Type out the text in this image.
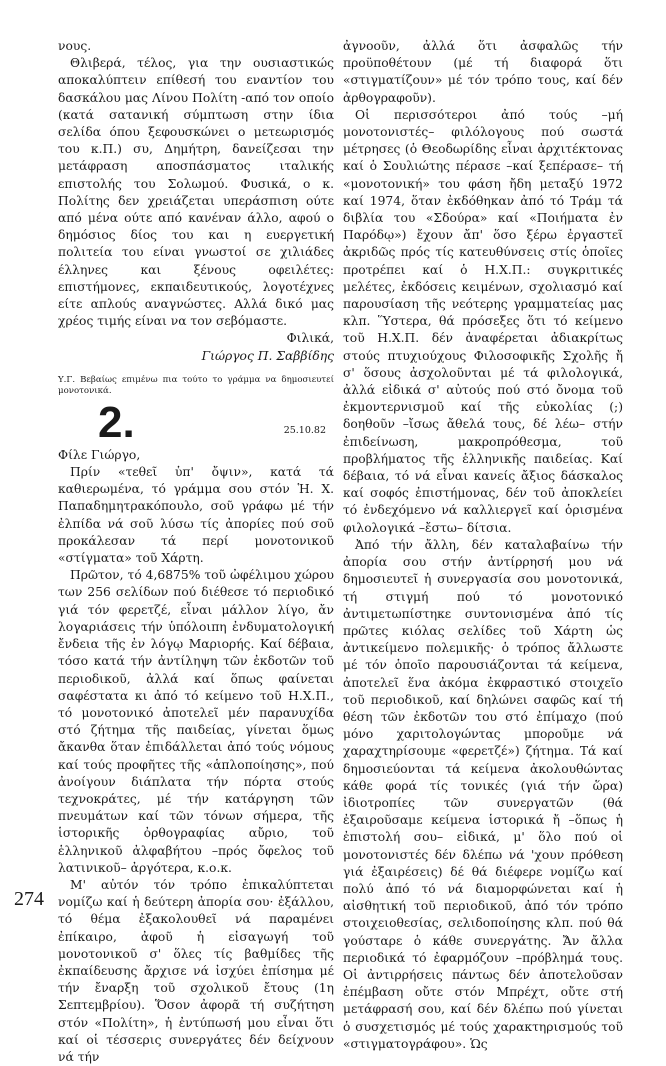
νους.

Θλιβερά, τέλος, για την ουσιαστικώς αποκαλύπτειν επίθεσή του εναντίον του δασκάλου μας Λίνου Πολίτη -από τον οποίο (κατά σατανική σύμπτωση στην ίδια σελίδα όπου ξεφουσκώνει ο μετεωρισμός του κ.Π.) συ, Δημήτρη, δανείζεσαι την μετάφραση αποσπάσματος ιταλικής επιστολής του Σολωμού. Φυσικά, ο κ. Πολίτης δεν χρειάζεται υπεράσπιση ούτε από μένα ούτε από κανέναν άλλο, αφού ο δημόσιος δίος του και η ευεργετική πολιτεία του είναι γνωστοί σε χιλιάδες έλληνες και ξένους οφειλέτες: επιστήμονες, εκπαιδευτικούς, λογοτέχνες είτε απλούς αναγνώστες. Αλλά δικό μας χρέος τιμής είναι να τον σεβόμαστε.

Φιλικά,

Γιώργος Π. Σαββίδης

Υ.Γ. Βεβαίως επιμένω πια τούτο το γράμμα να δημοσιευτεί μονοτονικά.

2.	25.10.82

Φίλε Γιώργο,

Πρίν «τεθεῖ ὑπ' ὄψιν», κατά τά καθιερωμένα, τό γράμμα σου στόν Ἡ. Χ. Παπαδημητρακόπουλο, σοῦ γράφω μέ τήν ἐλπίδα νά σοῦ λύσω τίς ἀπορίες πού σοῦ προκάλεσαν τά περί μονοτονικοῦ «στίγματα» τοῦ Χάρτη.

Πρῶτον, τό 4,6875% τοῦ ὠφέλιμου χώρου των 256 σελίδων πού διέθεσε τό περιοδικό γιά τόν φερετζέ, εἶναι μάλλον λίγο, ἄν λογαριάσεις τήν ὑπόλοιπη ἐνδυματολογική ἔνδεια τῆς ἐν λόγῳ Μαριορής. Καί δέβαια, τόσο κατά τήν ἀντίληψη τῶν ἐκδοτῶν τοῦ περιοδικοῦ, ἀλλά καί ὅπως φαίνεται σαφέστατα κι ἀπό τό κείμενο τοῦ Η.Χ.Π., τό μονοτονικό ἀποτελεῖ μέν παρανυχίδα στό ζήτημα τῆς παιδείας, γίνεται ὅμως ἄκανθα ὅταν ἐπιδάλλεται ἀπό τούς νόμους καί τούς προφῆτες τῆς «ἁπλοποίησης», πού ἀνοίγουν διάπλατα τήν πόρτα στούς τεχνοκράτες, μέ τήν κατάργηση τῶν πνευμάτων καί τῶν τόνων σήμερα, τῆς ἱστορικῆς ὀρθογραφίας αὔριο, τοῦ ἑλληνικοῦ ἀλφαβήτου –πρός ὄφελος τοῦ λατινικοῦ– ἀργότερα, κ.ο.κ.

Μ' αὐτόν τόν τρόπο ἐπικαλύπτεται νομίζω καί ἡ δεύτερη ἀπορία σου· ἐξάλλου, τό θέμα ἐξακολουθεῖ νά παραμένει ἐπίκαιρο, ἀφοῦ ἡ εἰσαγωγή τοῦ μονοτονικοῦ σ' ὅλες τίς βαθμίδες τῆς ἐκπαίδευσης ἄρχισε νά ἰσχύει ἐπίσημα μέ τήν ἔναρξη τοῦ σχολικοῦ ἔτους (1η Σεπτεμβρίου). Ὅσον ἀφορᾶ τή συζήτηση στόν «Πολίτη», ἡ ἐντύπωσή μου εἶναι ὅτι καί οἱ τέσσερις συνεργάτες δέν δείχνουν νά τήν

ἀγνοοῦν, ἀλλά ὅτι ἀσφαλῶς τήν προϋποθέτουν (μέ τή διαφορά ὅτι «στιγματίζουν» μέ τόν τρόπο τους, καί δέν ἀρθογραφοῦν).

Οἱ περισσότεροι ἀπό τούς –μή μονοτονιστές– φιλόλογους πού σωστά μέτρησες (ὁ Θεοδωρίδης εἶναι ἀρχιτέκτονας καί ὁ Σουλιώτης πέρασε –καί ξεπέρασε– τή «μονοτονική» του φάση ἤδη μεταξύ 1972 καί 1974, ὅταν ἐκδόθηκαν ἀπό τό Τράμ τά διβλία του «Σδούρα» καί «Ποιήματα ἐν Παρόδῳ») ἔχουν ἄπ' ὅσο ξέρω ἐργαστεῖ ἀκριδῶς πρός τίς κατευθύνσεις στίς ὁποῖες προτρέπει καί ὁ Η.Χ.Π.: συγκριτικές μελέτες, ἐκδόσεις κειμένων, σχολιασμό καί παρουσίαση τῆς νεότερης γραμματείας μας κλπ. Ὕστερα, θά πρόσεξες ὅτι τό κείμενο τοῦ Η.Χ.Π. δέν ἀναφέρεται ἀδιακρίτως στούς πτυχιούχους Φιλοσοφικῆς Σχολῆς ἤ σ' ὅσους ἀσχολοῦνται μέ τά φιλολογικά, ἀλλά εἰδικά σ' αὐτούς πού στό ὄνομα τοῦ ἐκμοντερνισμοῦ καί τῆς εὐκολίας (;) δοηθοῦν –ἴσως ἄθελά τους, δέ λέω– στήν ἐπιδείνωση, μακροπρόθεσμα, τοῦ προβλήματος τῆς ἑλληνικῆς παιδείας. Καί δέβαια, τό νά εἶναι κανείς ἄξιος δάσκαλος καί σοφός ἐπιστήμονας, δέν τοῦ ἀποκλείει τό ἐνδεχόμενο νά καλλιεργεῖ καί ὁρισμένα φιλολογικά –ἔστω– δίτσια.

Ἀπό τήν ἄλλη, δέν καταλαβαίνω τήν ἀπορία σου στήν ἀντίρρησή μου νά δημοσιευτεῖ ἡ συνεργασία σου μονοτονικά, τή στιγμή πού τό μονοτονικό ἀντιμετωπίστηκε συντονισμένα ἀπό τίς πρῶτες κιόλας σελίδες τοῦ Χάρτη ὡς ἀντικείμενο πολεμικῆς· ὁ τρόπος ἄλλωστε μέ τόν ὁποῖο παρουσιάζονται τά κείμενα, ἀποτελεῖ ἕνα ἀκόμα ἐκφραστικό στοιχεῖο τοῦ περιοδικοῦ, καί δηλώνει σαφῶς καί τή θέση τῶν ἐκδοτῶν του στό ἐπίμαχο (πού μόνο χαριτολογώντας μποροῦμε νά χαραχτηρίσουμε «φερετζέ») ζήτημα. Τά καί δημοσιεύονται τά κείμενα ἀκολουθώντας κάθε φορά τίς τονικές (γιά τήν ὥρα) ἰδιοτροπίες τῶν συνεργατῶν (θά ἐξαιροῦσαμε κείμενα ἱστορικά ἤ –ὅπως ἡ ἐπιστολή σου– εἰδικά, μ' ὅλο πού οἱ μονοτονιστές δέν δλέπω νά 'χουν πρόθεση γιά ἐξαιρέσεις) δέ θά διέφερε νομίζω καί πολύ ἀπό τό νά διαμορφώνεται καί ἡ αἰσθητική τοῦ περιοδικοῦ, ἀπό τόν τρόπο στοιχειοθεσίας, σελιδοποίησης κλπ. πού θά γούσταρε ὁ κάθε συνεργάτης. Ἄν ἄλλα περιοδικά τό ἐφαρμόζουν –πρόβλημά τους. Οἱ ἀντιρρήσεις πάντως δέν ἀποτελοῦσαν ἐπέμβαση οὔτε στόν Μπρέχτ, οὔτε στή μετάφρασή σου, καί δέν δλέπω πού γίνεται ὁ συσχετισμός μέ τούς χαρακτηρισμούς τοῦ «στιγματογράφου». Ὡς

274
